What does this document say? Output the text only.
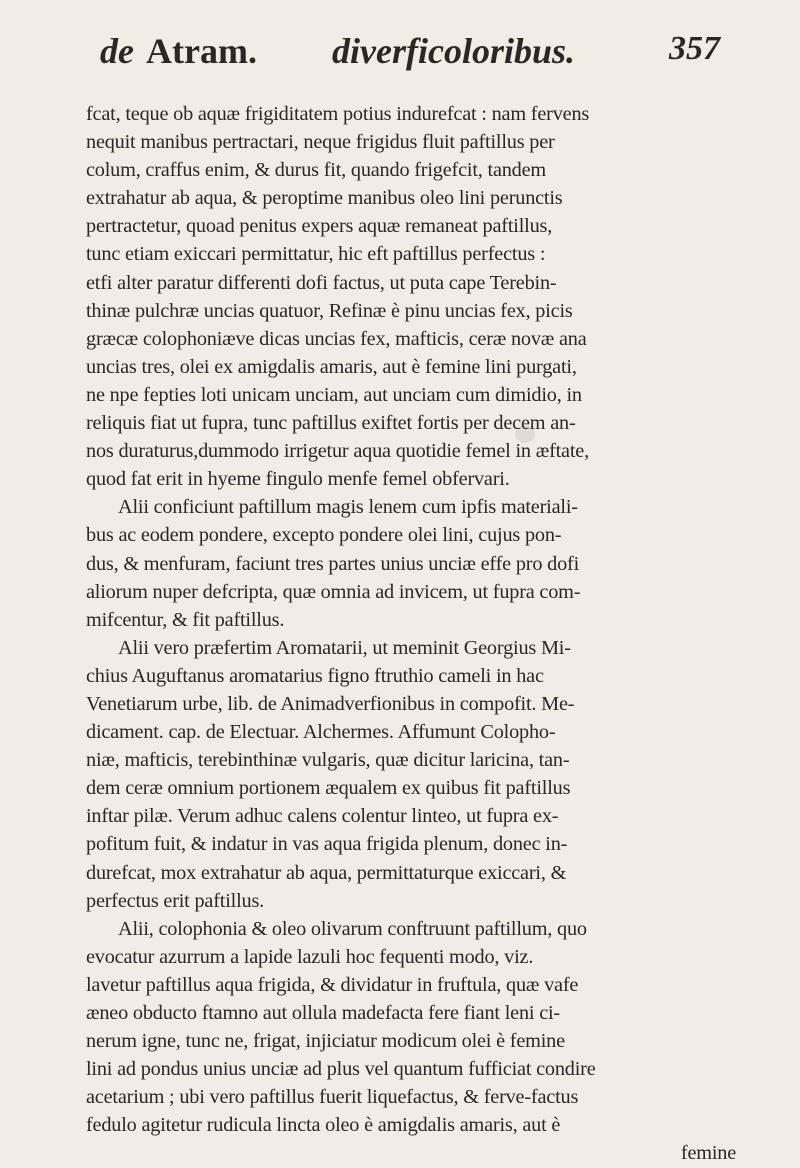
de Atram. diverficoloribus.	357
fcat, teque ob aquæ frigiditatem potius indurefcat : nam fervens
nequit manibus pertractari, neque frigidus fluit paftillus per
colum, craffus enim, & durus fit, quando frigefcit, tandem
extrahatur ab aqua, & peroptime manibus oleo lini perunctis
pertractetur, quoad penitus expers aquæ remaneat paftillus,
tunc etiam exiccari permittatur, hic eft paftillus perfectus :
etfi alter paratur differenti dofi factus, ut puta cape Terebin-
thinæ pulchræ uncias quatuor, Refinæ è pinu uncias fex, picis
græcæ colophoniæve dicas uncias fex, mafticis, ceræ novæ ana
uncias tres, olei ex amigdalis amaris, aut è femine lini purgati,
ne npe fepties loti unicam unciam, aut unciam cum dimidio, in
reliquis fiat ut fupra, tunc paftillus exiftet fortis per decem an-
nos duraturus,dummodo irrigetur aqua quotidie femel in æftate,
quod fat erit in hyeme fingulo menfe femel obfervari.
Alii conficiunt paftillum magis lenem cum ipfis materiali-
bus ac eodem pondere, excepto pondere olei lini, cujus pon-
dus, & menfuram, faciunt tres partes unius unciæ effe pro dofi
aliorum nuper defcripta, quæ omnia ad invicem, ut fupra com-
mifcentur, & fit paftillus.
Alii vero præfertim Aromatarii, ut meminit Georgius Mi-
chius Auguftanus aromatarius figno ftruthio cameli in hac
Venetiarum urbe, lib. de Animadverfionibus in compofit. Me-
dicament. cap. de Electuar. Alchermes. Affumunt Colopho-
niæ, mafticis, terebinthinæ vulgaris, quæ dicitur laricina, tan-
dem ceræ omnium portionem æqualem ex quibus fit paftillus
inftar pilæ. Verum adhuc calens colentur linteo, ut fupra ex-
pofitum fuit, & indatur in vas aqua frigida plenum, donec in-
durefcat, mox extrahatur ab aqua, permittaturque exiccari, &
perfectus erit paftillus.
Alii, colophonia & oleo olivarum conftruunt paftillum, quo
evocatur azurrum a lapide lazuli hoc fequenti modo, viz.
lavetur paftillus aqua frigida, & dividatur in fruftula, quæ vafe
æneo obducto ftamno aut ollula madefacta fere fiant leni ci-
nerum igne, tunc ne, frigat, injiciatur modicum olei è femine
lini ad pondus unius unciæ ad plus vel quantum fufficiat condire
acetarium ; ubi vero paftillus fuerit liquefactus, & ferve-factus
fedulo agitetur rudicula lincta oleo è amigdalis amaris, aut è
femine
